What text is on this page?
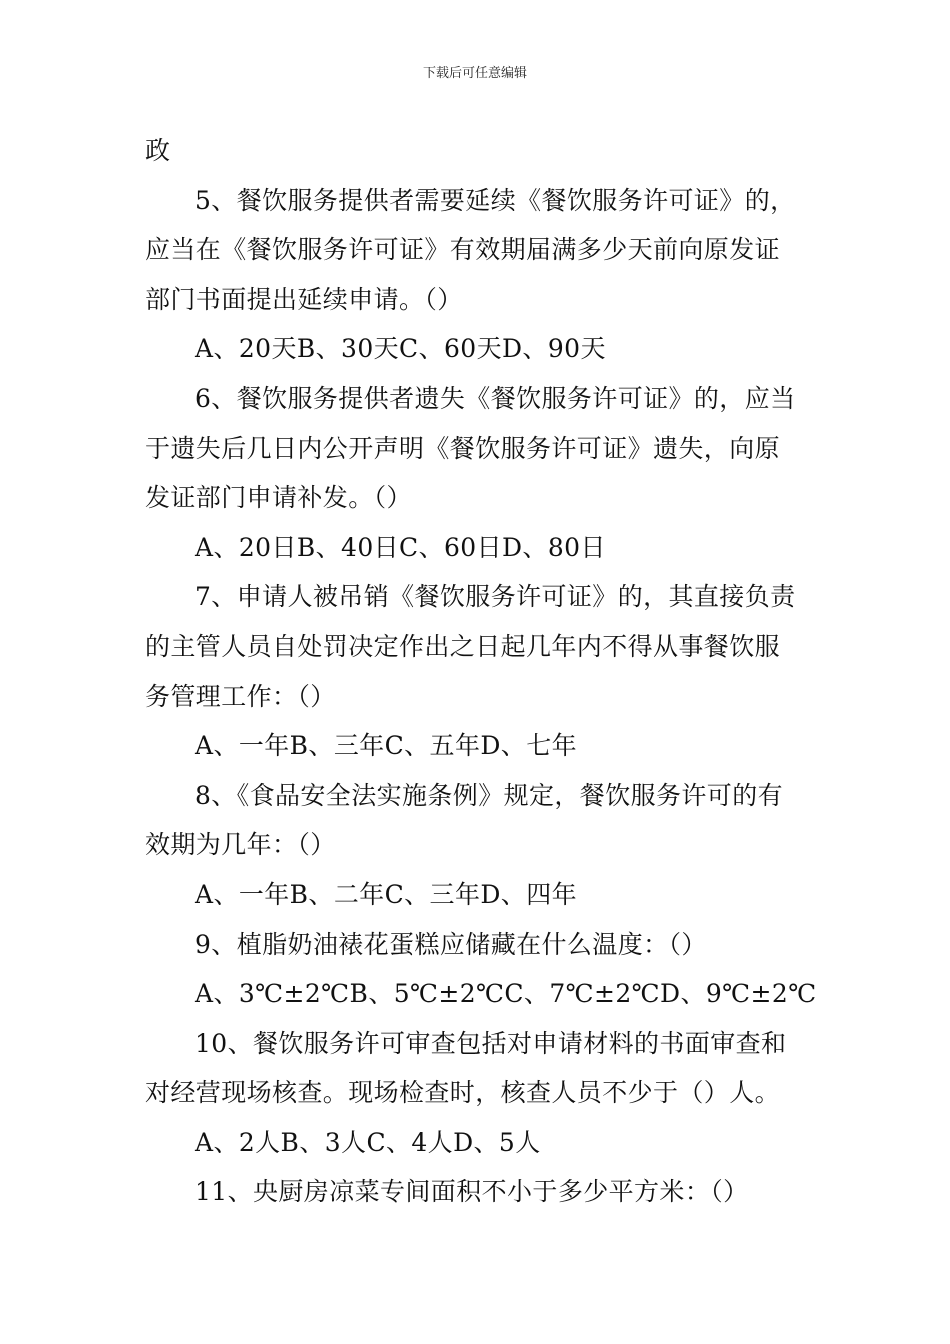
下载后可任意编辑
政
5、餐饮服务提供者需要延续《餐饮服务许可证》的，
应当在《餐饮服务许可证》有效期届满多少天前向原发证
部门书面提出延续申请。（）
A、20天B、30天C、60天D、90天
6、餐饮服务提供者遗失《餐饮服务许可证》的，应当
于遗失后几日内公开声明《餐饮服务许可证》遗失，向原
发证部门申请补发。（）
A、20日B、40日C、60日D、80日
7、申请人被吊销《餐饮服务许可证》的，其直接负责
的主管人员自处罚决定作出之日起几年内不得从事餐饮服
务管理工作：（）
A、一年B、三年C、五年D、七年
8、《食品安全法实施条例》规定，餐饮服务许可的有
效期为几年：（）
A、一年B、二年C、三年D、四年
9、植脂奶油裱花蛋糕应储藏在什么温度：（）
A、3℃±2℃B、5℃±2℃C、7℃±2℃D、9℃±2℃
10、餐饮服务许可审查包括对申请材料的书面审查和
对经营现场核查。现场检查时，核查人员不少于（）人。
A、2人B、3人C、4人D、5人
11、央厨房凉菜专间面积不小于多少平方米：（）
